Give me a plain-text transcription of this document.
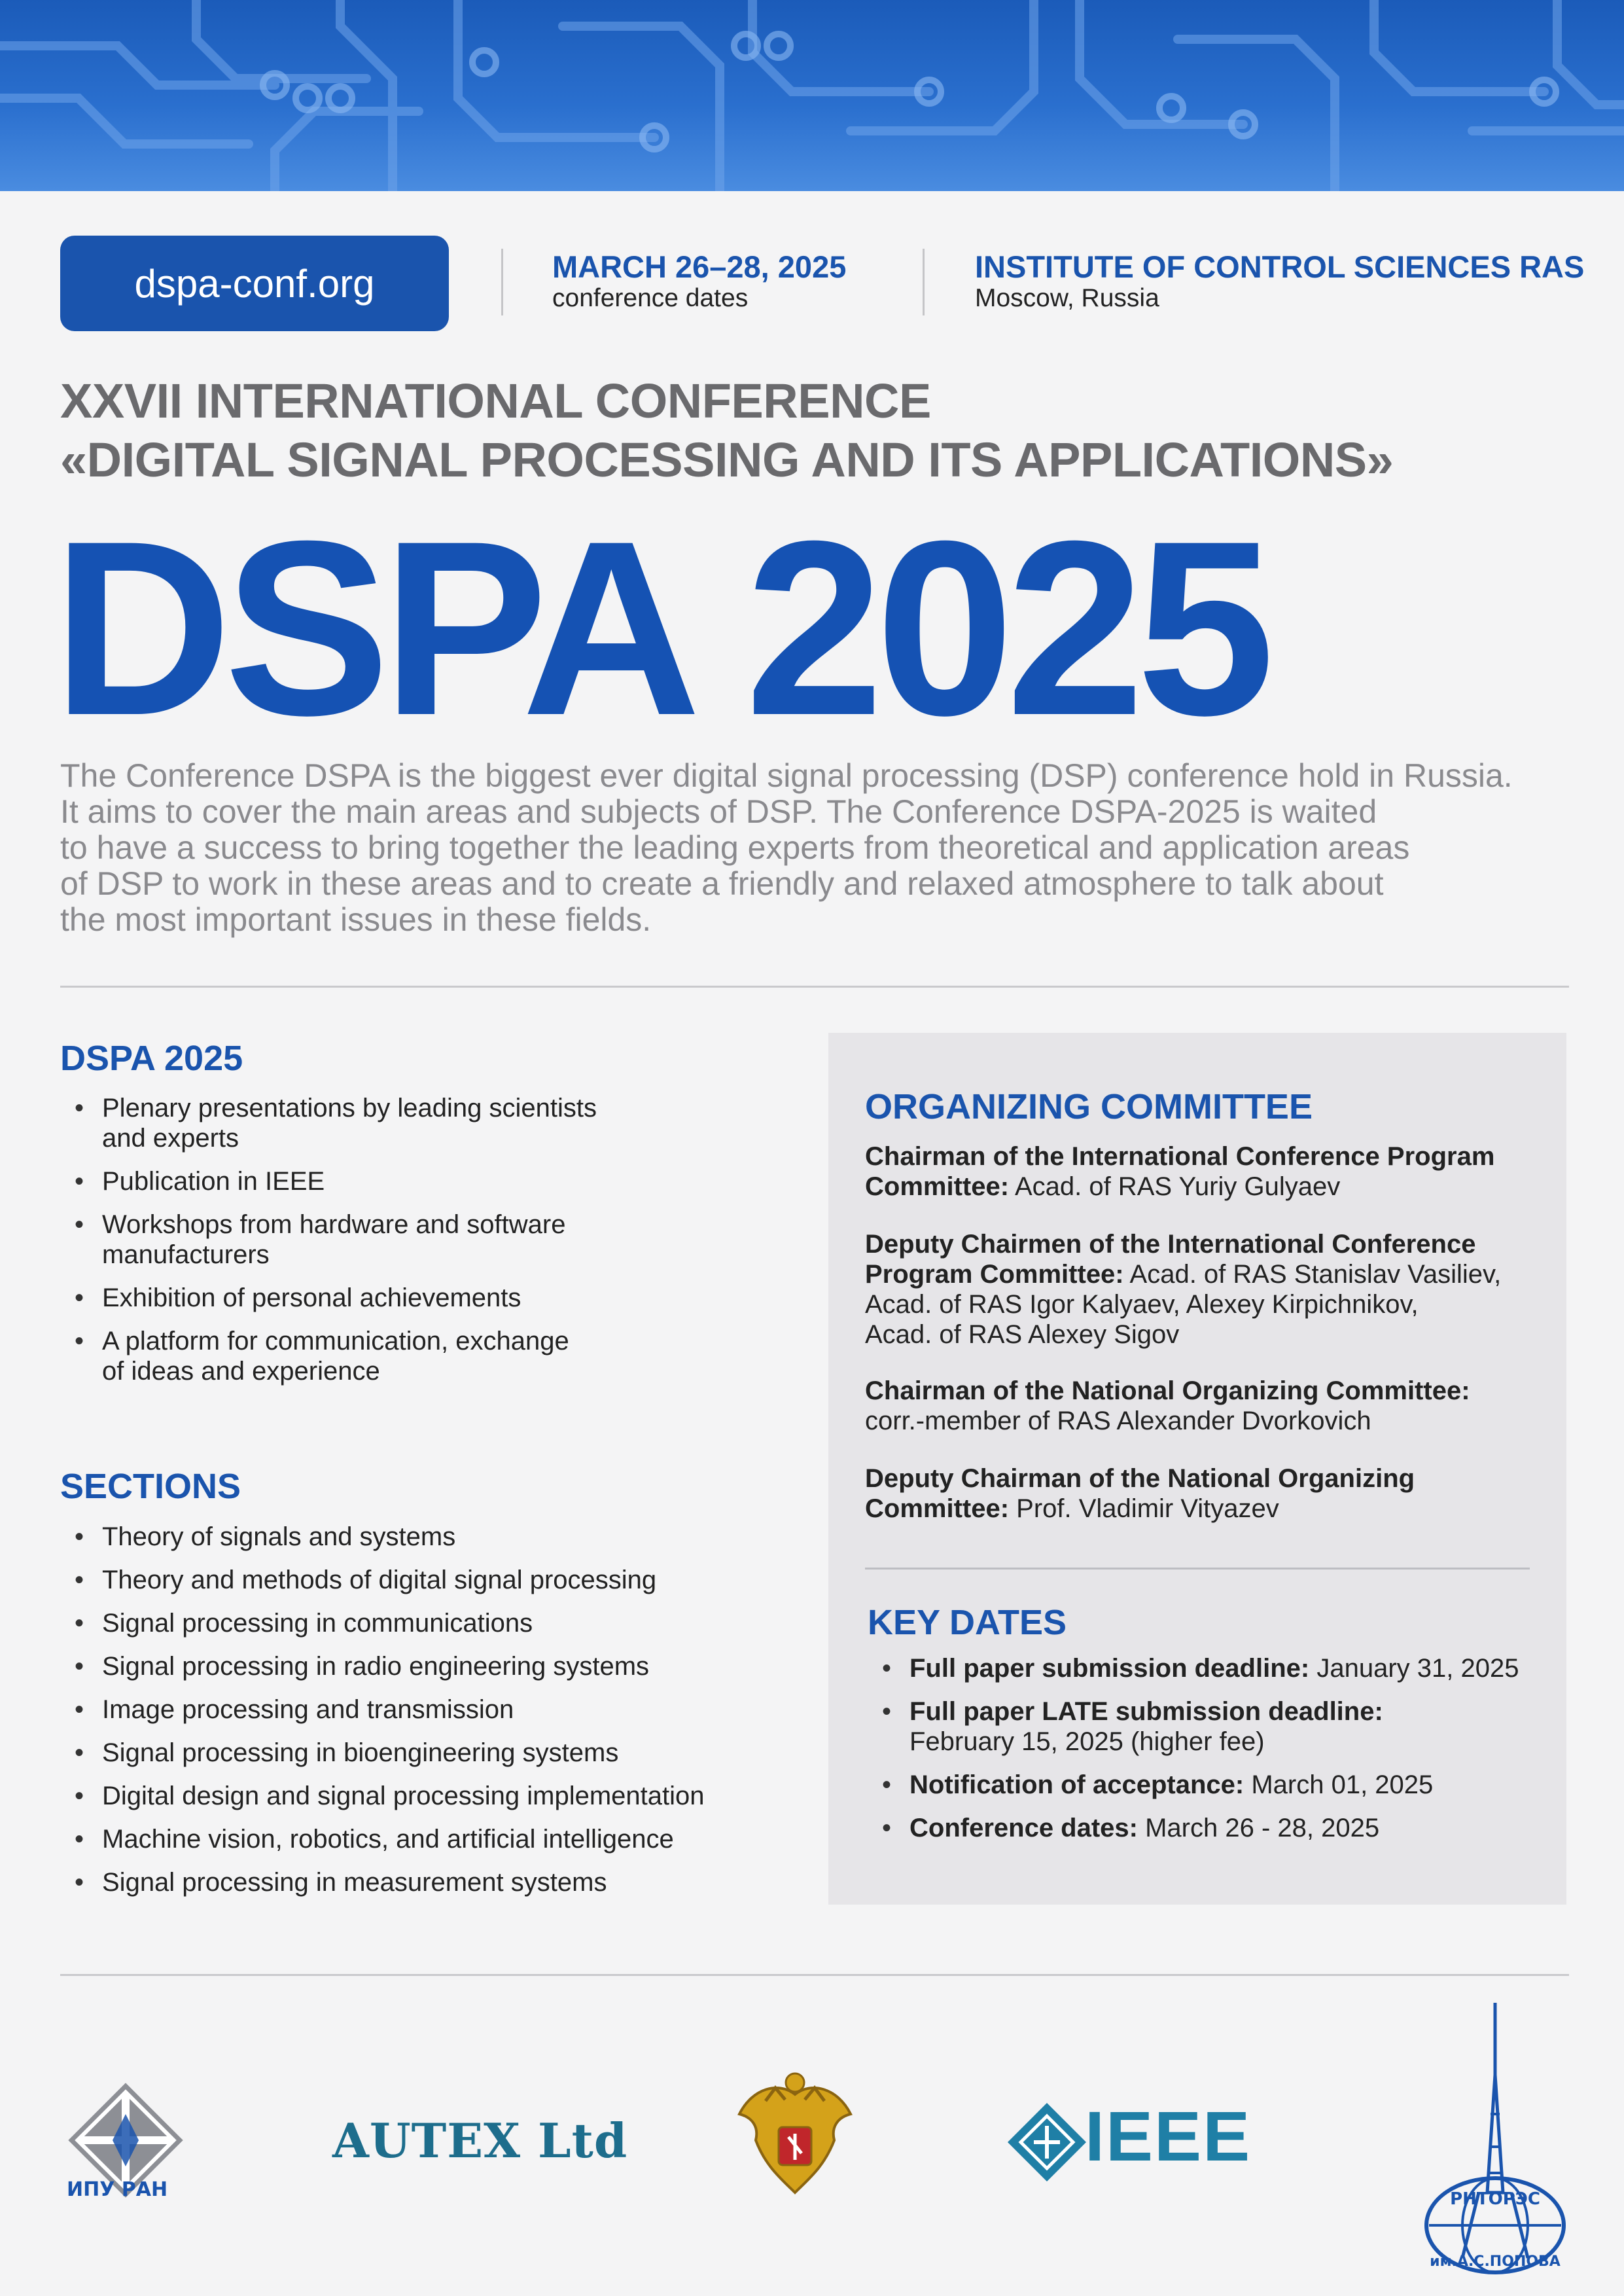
dspa-conf.org	MARCH 26–28, 2025
conference dates
INSTITUTE OF CONTROL SCIENCES RAS
Moscow, Russia
XXVII INTERNATIONAL CONFERENCE
«DIGITAL SIGNAL PROCESSING AND ITS APPLICATIONS»
DSPA 2025
The Conference DSPA is the biggest ever digital signal processing (DSP) conference hold in Russia.
It aims to cover the main areas and subjects of DSP. The Conference DSPA-2025 is waited
to have a success to bring together the leading experts from theoretical and application areas
of DSP to work in these areas and to create a friendly and relaxed atmosphere to talk about
the most important issues in these fields.
DSPA 2025
• Plenary presentations by leading scientists
and experts
• Publication in IEEE
• Workshops from hardware and software
manufacturers
• Exhibition of personal achievements
• A platform for communication, exchange
of ideas and experience
SECTIONS
• Theory of signals and systems
• Theory and methods of digital signal processing
• Signal processing in communications
• Signal processing in radio engineering systems
• Image processing and transmission
• Signal processing in bioengineering systems
• Digital design and signal processing implementation
• Machine vision, robotics, and artificial intelligence
• Signal processing in measurement systems
ORGANIZING COMMITTEE
Chairman of the International Conference Program
Committee: Acad. of RAS Yuriy Gulyaev
Deputy Chairmen of the International Conference
Program Committee: Acad. of RAS Stanislav Vasiliev,
Acad. of RAS Igor Kalyaev, Alexey Kirpichnikov,
Acad. of RAS Alexey Sigov
Chairman of the National Organizing Committee:
corr.-member of RAS Alexander Dvorkovich
Deputy Chairman of the National Organizing
Committee: Prof. Vladimir Vityazev
KEY DATES
• Full paper submission deadline: January 31, 2025
• Full paper LATE submission deadline:
February 15, 2025 (higher fee)
• Notification of acceptance: March 01, 2025
• Conference dates: March 26 - 28, 2025
ИПУ РАН
AUTEX Ltd	IEEE
РНТОРЭС
им.А.С.ПОПОВА
